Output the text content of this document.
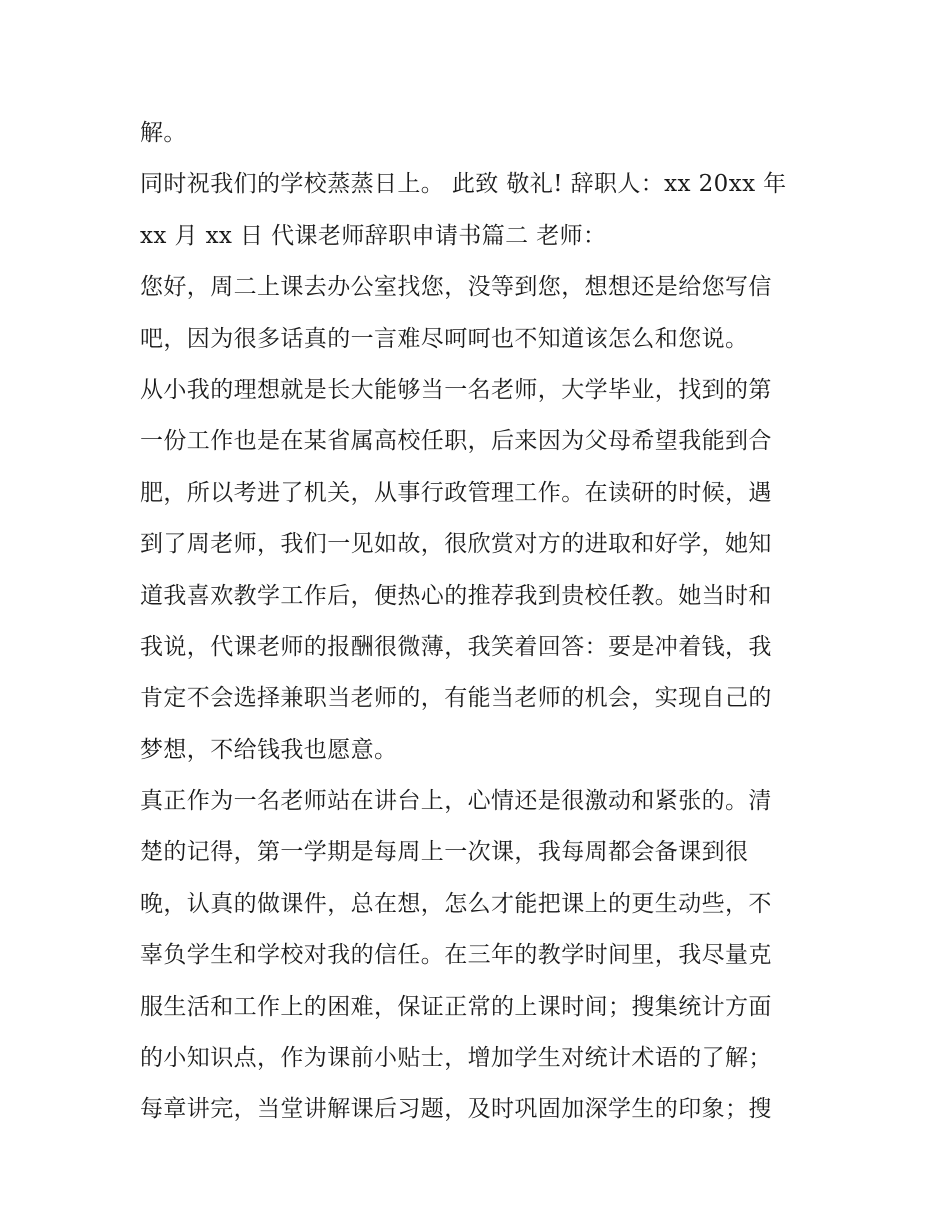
解。
同时祝我们的学校蒸蒸日上。 此致 敬礼! 辞职人：xx 20xx 年
xx 月 xx 日 代课老师辞职申请书篇二 老师：
您好，周二上课去办公室找您，没等到您，想想还是给您写信
吧，因为很多话真的一言难尽呵呵也不知道该怎么和您说。
从小我的理想就是长大能够当一名老师，大学毕业，找到的第
一份工作也是在某省属高校任职，后来因为父母希望我能到合
肥，所以考进了机关，从事行政管理工作。在读研的时候，遇
到了周老师，我们一见如故，很欣赏对方的进取和好学，她知
道我喜欢教学工作后，便热心的推荐我到贵校任教。她当时和
我说，代课老师的报酬很微薄，我笑着回答：要是冲着钱，我
肯定不会选择兼职当老师的，有能当老师的机会，实现自己的
梦想，不给钱我也愿意。
真正作为一名老师站在讲台上，心情还是很激动和紧张的。清
楚的记得，第一学期是每周上一次课，我每周都会备课到很
晚，认真的做课件，总在想，怎么才能把课上的更生动些，不
辜负学生和学校对我的信任。在三年的教学时间里，我尽量克
服生活和工作上的困难，保证正常的上课时间；搜集统计方面
的小知识点，作为课前小贴士，增加学生对统计术语的了解；
每章讲完，当堂讲解课后习题，及时巩固加深学生的印象；搜
